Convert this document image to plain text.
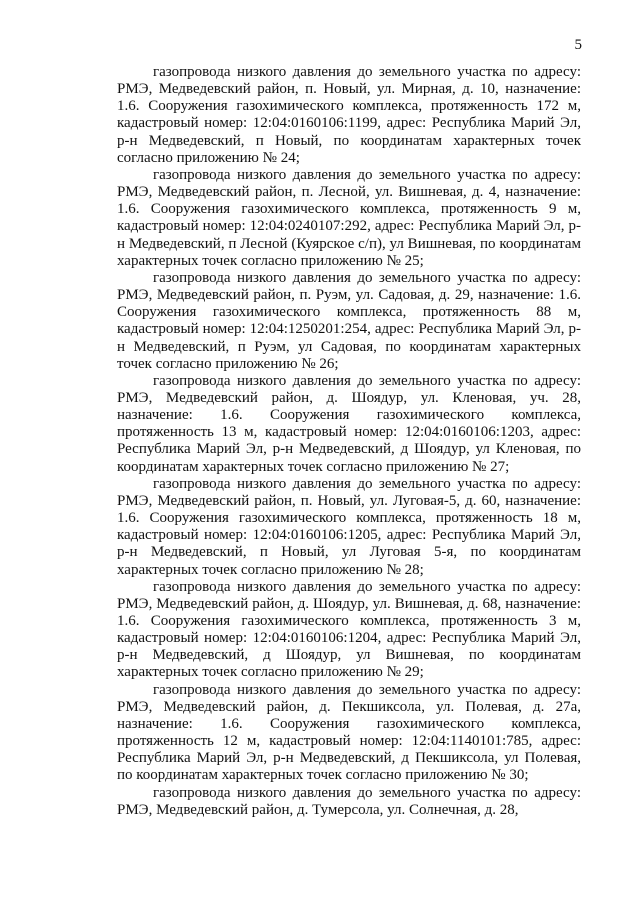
5

газопровода низкого давления до земельного участка по адресу: РМЭ, Медведевский район, п. Новый, ул. Мирная, д. 10, назначение: 1.6. Сооружения газохимического комплекса, протяженность 172 м, кадастровый номер: 12:04:0160106:1199, адрес: Республика Марий Эл, р-н Медведевский, п Новый, по координатам характерных точек согласно приложению № 24;

газопровода низкого давления до земельного участка по адресу: РМЭ, Медведевский район, п. Лесной, ул. Вишневая, д. 4, назначение: 1.6. Сооружения газохимического комплекса, протяженность 9 м, кадастровый номер: 12:04:0240107:292, адрес: Республика Марий Эл, р-н Медведевский, п Лесной (Куярское с/п), ул Вишневая, по координатам характерных точек согласно приложению № 25;

газопровода низкого давления до земельного участка по адресу: РМЭ, Медведевский район, п. Руэм, ул. Садовая, д. 29, назначение: 1.6. Сооружения газохимического комплекса, протяженность 88 м, кадастровый номер: 12:04:1250201:254, адрес: Республика Марий Эл, р-н Медведевский, п Руэм, ул Садовая, по координатам характерных точек согласно приложению № 26;

газопровода низкого давления до земельного участка по адресу: РМЭ, Медведевский район, д. Шоядур, ул. Кленовая, уч. 28, назначение: 1.6. Сооружения газохимического комплекса, протяженность 13 м, кадастровый номер: 12:04:0160106:1203, адрес: Республика Марий Эл, р-н Медведевский, д Шоядур, ул Кленовая, по координатам характерных точек согласно приложению № 27;

газопровода низкого давления до земельного участка по адресу: РМЭ, Медведевский район, п. Новый, ул. Луговая-5, д. 60, назначение: 1.6. Сооружения газохимического комплекса, протяженность 18 м, кадастровый номер: 12:04:0160106:1205, адрес: Республика Марий Эл, р-н Медведевский, п Новый, ул Луговая 5-я, по координатам характерных точек согласно приложению № 28;

газопровода низкого давления до земельного участка по адресу: РМЭ, Медведевский район, д. Шоядур, ул. Вишневая, д. 68, назначение: 1.6. Сооружения газохимического комплекса, протяженность 3 м, кадастровый номер: 12:04:0160106:1204, адрес: Республика Марий Эл, р-н Медведевский, д Шоядур, ул Вишневая, по координатам характерных точек согласно приложению № 29;

газопровода низкого давления до земельного участка по адресу: РМЭ, Медведевский район, д. Пекшиксола, ул. Полевая, д. 27а, назначение: 1.6. Сооружения газохимического комплекса, протяженность 12 м, кадастровый номер: 12:04:1140101:785, адрес: Республика Марий Эл, р-н Медведевский, д Пекшиксола, ул Полевая, по координатам характерных точек согласно приложению № 30;

газопровода низкого давления до земельного участка по адресу: РМЭ, Медведевский район, д. Тумерсола, ул. Солнечная, д. 28,
